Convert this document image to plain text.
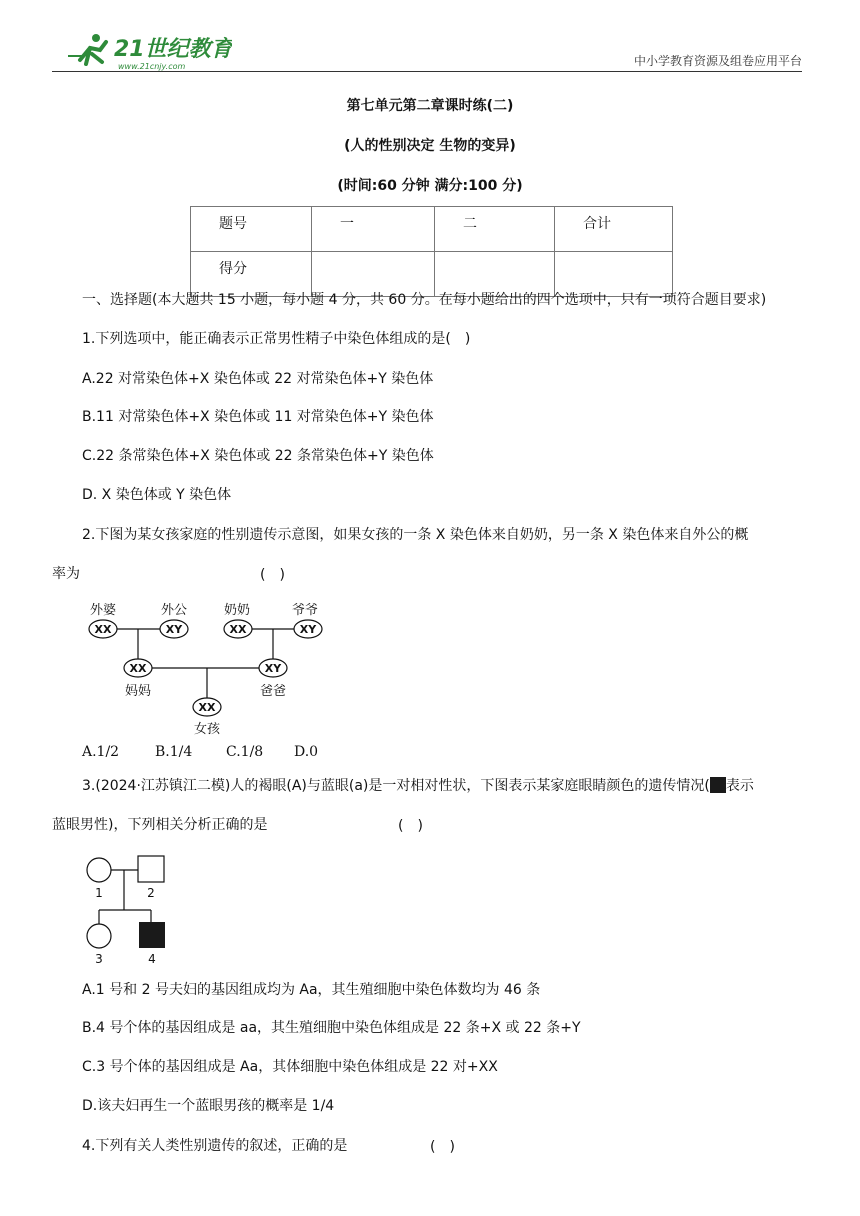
21世纪教育
www.21cnjy.com	中小学教育资源及组卷应用平台
第七单元第二章课时练(二)
(人的性别决定 生物的变异)
(时间:60 分钟 满分:100 分)
题号	一	二	合计
得分			
一、选择题(本大题共 15 小题，每小题 4 分，共 60 分。在每小题给出的四个选项中，只有一项符合题目要求)
1.下列选项中，能正确表示正常男性精子中染色体组成的是(　)
A.22 对常染色体+X 染色体或 22 对常染色体+Y 染色体
B.11 对常染色体+X 染色体或 11 对常染色体+Y 染色体
C.22 条常染色体+X 染色体或 22 条常染色体+Y 染色体
D. X 染色体或 Y 染色体
2.下图为某女孩家庭的性别遗传示意图，如果女孩的一条 X 染色体来自奶奶，另一条 X 染色体来自外公的概
率为	(　)
外婆	外公	奶奶	爷爷
XX	XY	XX	XY
XX	XY
XX
妈妈	爸爸
女孩
A.1/2	B.1/4 C.1/8 D.0
3.(2024·江苏镇江二模)人的褐眼(A)与蓝眼(a)是一对相对性状，下图表示某家庭眼睛颜色的遗传情况( 表示
蓝眼男性)，下列相关分析正确的是	(　)
1	2
3	4
A.1 号和 2 号夫妇的基因组成均为 Aa，其生殖细胞中染色体数均为 46 条
B.4 号个体的基因组成是 aa，其生殖细胞中染色体组成是 22 条+X 或 22 条+Y
C.3 号个体的基因组成是 Aa，其体细胞中染色体组成是 22 对+XX
D.该夫妇再生一个蓝眼男孩的概率是 1/4
4.下列有关人类性别遗传的叙述，正确的是	(　)
